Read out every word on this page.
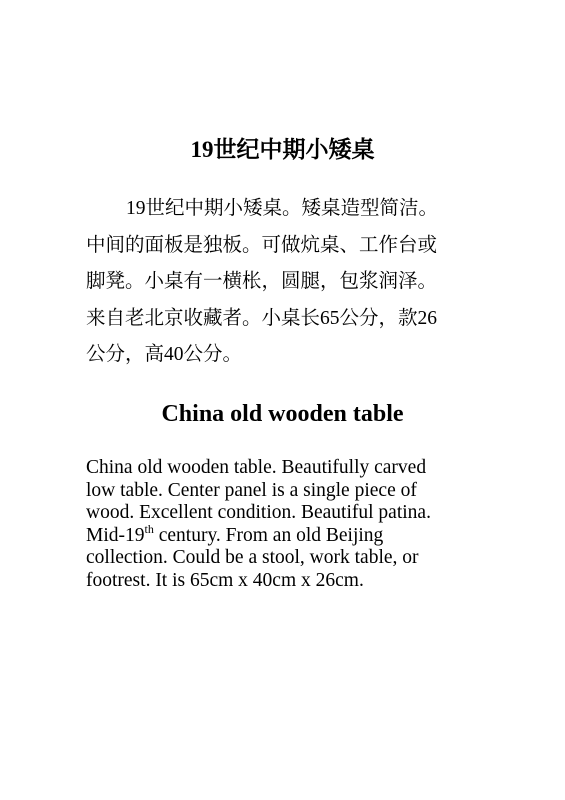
19世纪中期小矮桌
19世纪中期小矮桌。矮桌造型简洁。
中间的面板是独板。可做炕桌、工作台或
脚凳。小桌有一横枨，圆腿，包浆润泽。
来自老北京收藏者。小桌长65公分，款26
公分，高40公分。
China old wooden table
China old wooden table. Beautifully carved
low table. Center panel is a single piece of
wood. Excellent condition. Beautiful patina.
Mid-19th century. From an old Beijing
collection. Could be a stool, work table, or
footrest. It is 65cm x 40cm x 26cm.
